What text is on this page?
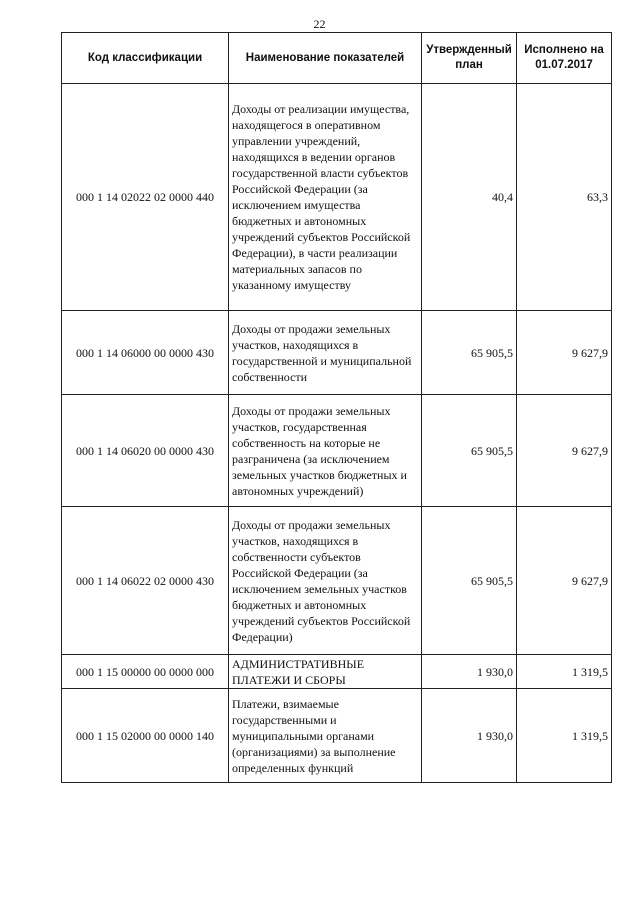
22
Код классификации	Наименование показателей	Утвержденный план	Исполнено на 01.07.2017
000 1 14 02022 02 0000 440	Доходы от реализации имущества, находящегося в оперативном управлении учреждений, находящихся в ведении органов государственной власти субъектов Российской Федерации (за исключением имущества бюджетных и автономных учреждений субъектов Российской Федерации), в части реализации материальных запасов по указанному имуществу	40,4	63,3
000 1 14 06000 00 0000 430	Доходы от продажи земельных участков, находящихся в государственной и муниципальной собственности	65 905,5	9 627,9
000 1 14 06020 00 0000 430	Доходы от продажи земельных участков, государственная собственность на которые не разграничена (за исключением земельных участков бюджетных и автономных учреждений)	65 905,5	9 627,9
000 1 14 06022 02 0000 430	Доходы от продажи земельных участков, находящихся в собственности субъектов Российской Федерации (за исключением земельных участков бюджетных и автономных учреждений субъектов Российской Федерации)	65 905,5	9 627,9
000 1 15 00000 00 0000 000	АДМИНИСТРАТИВНЫЕ ПЛАТЕЖИ И СБОРЫ	1 930,0	1 319,5
000 1 15 02000 00 0000 140	Платежи, взимаемые государственными и муниципальными органами (организациями) за выполнение определенных функций	1 930,0	1 319,5
